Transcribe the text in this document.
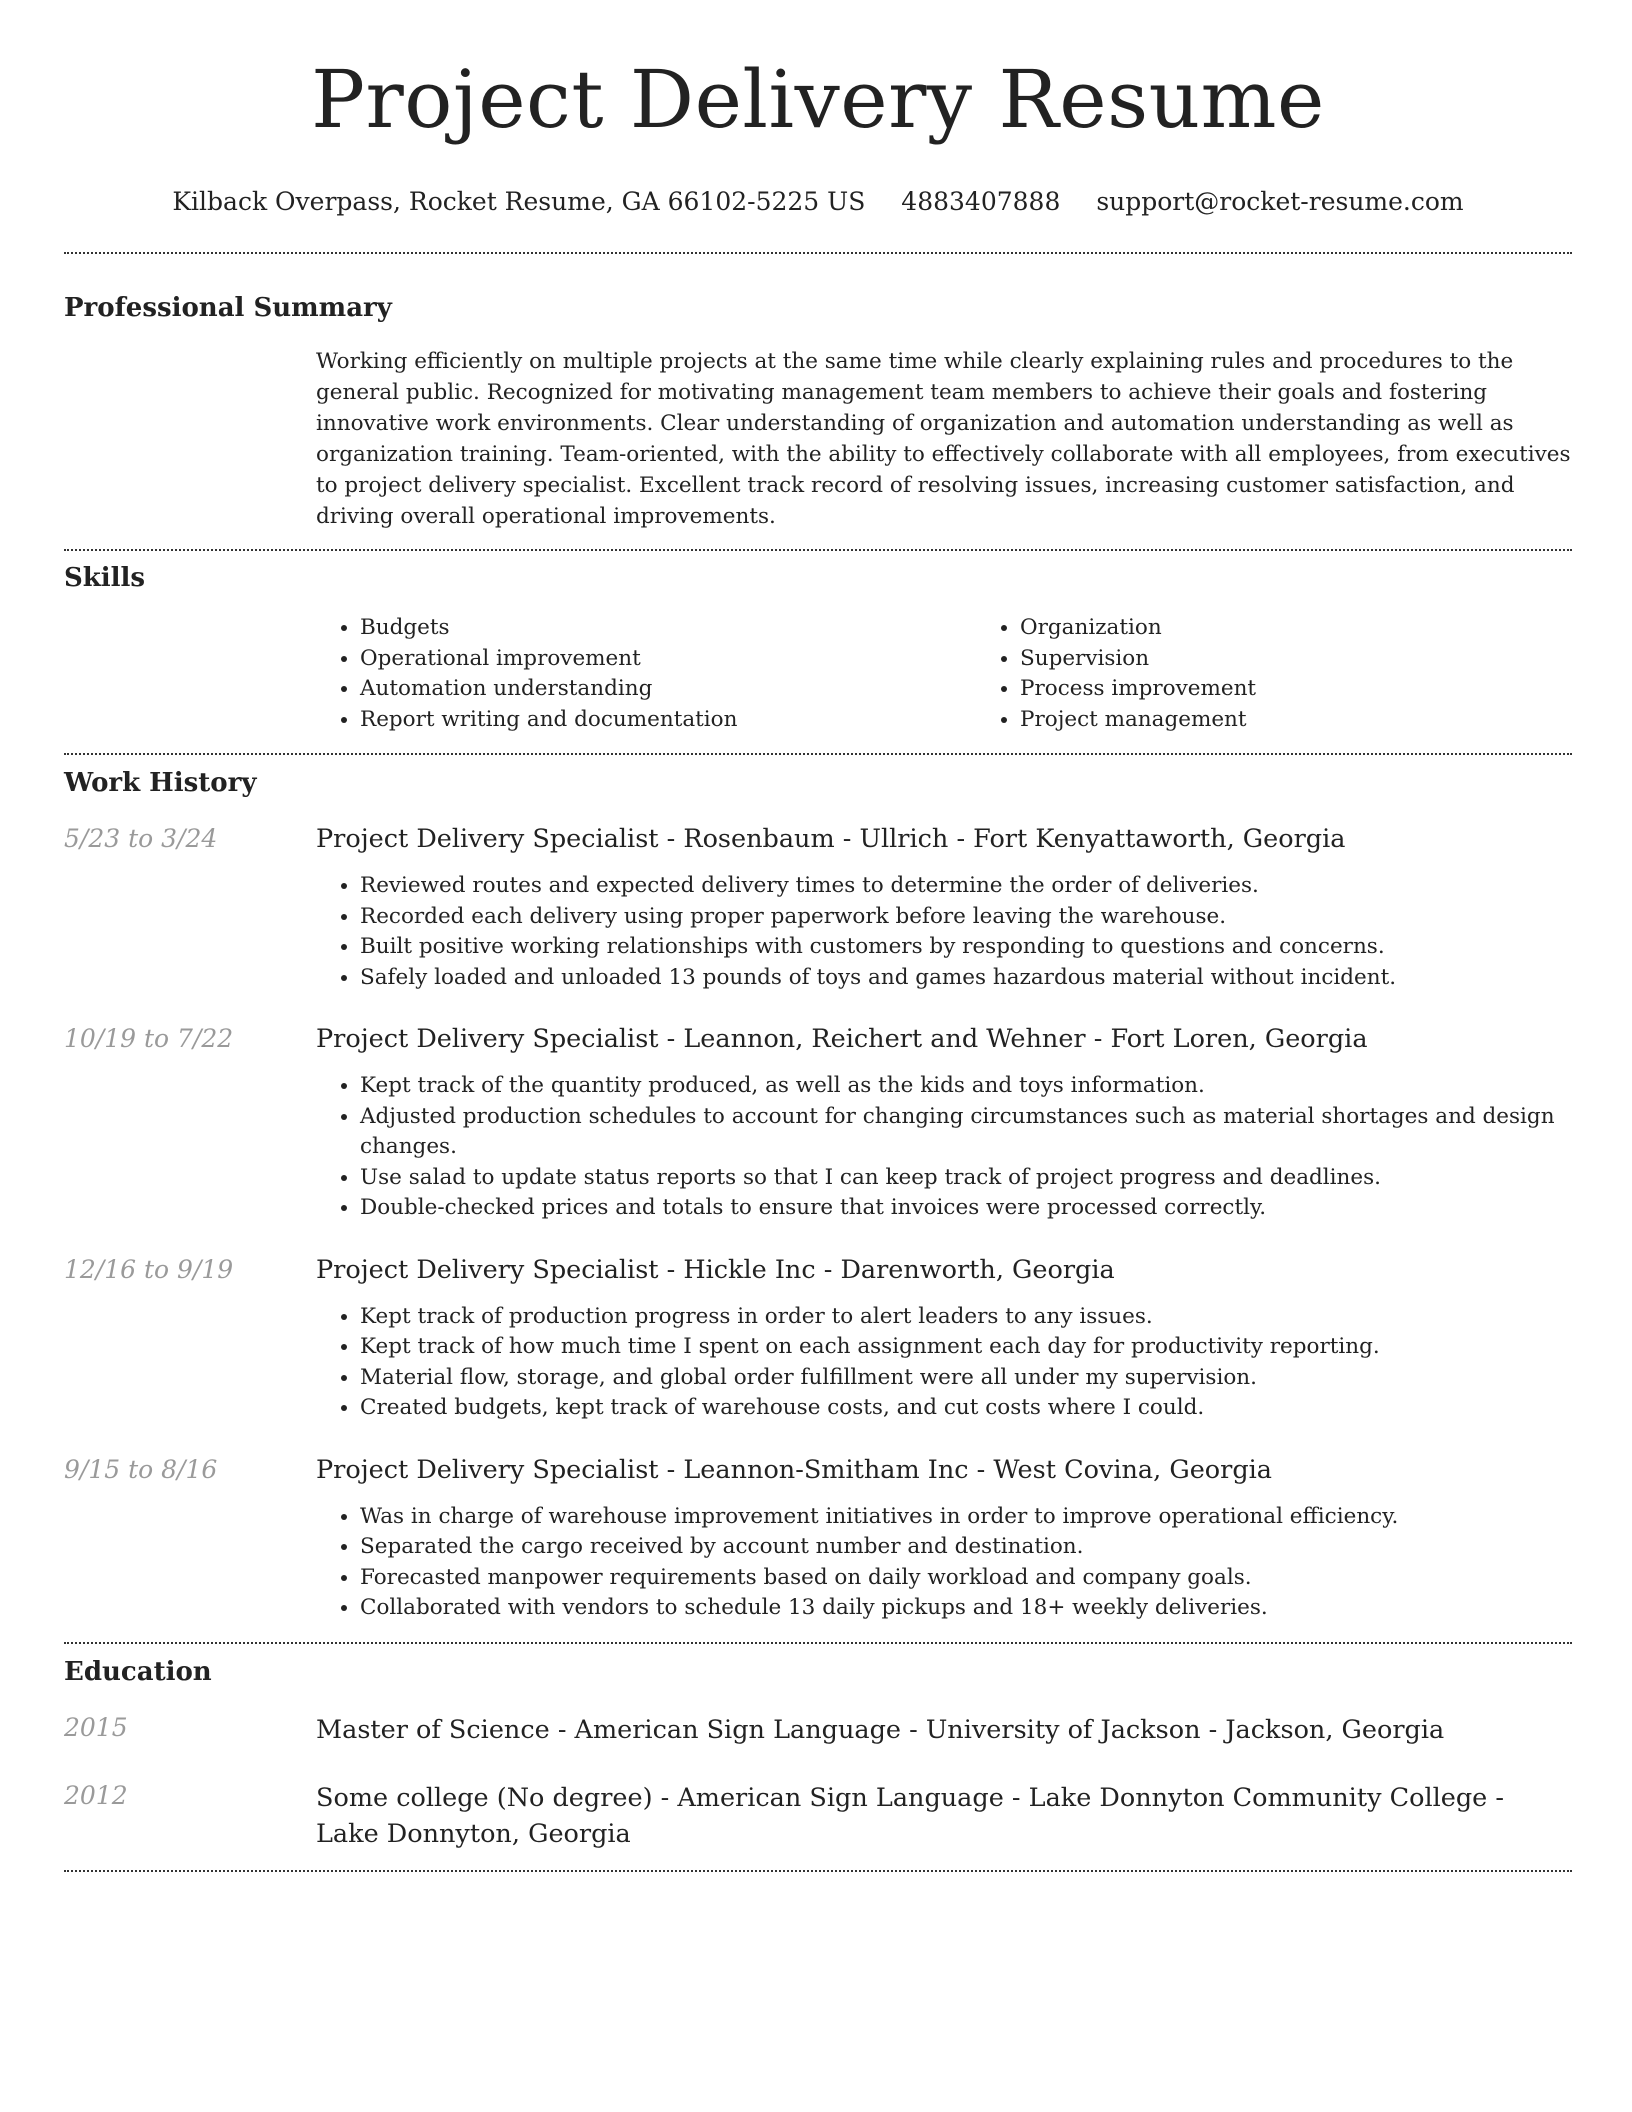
Project Delivery Resume
Kilback Overpass, Rocket Resume, GA 66102-5225 US 4883407888 support@rocket-resume.com
Professional Summary

Working efficiently on multiple projects at the same time while clearly explaining rules and procedures to the general public. Recognized for motivating management team members to achieve their goals and fostering innovative work environments. Clear understanding of organization and automation understanding as well as organization training. Team-oriented, with the ability to effectively collaborate with all employees, from executives to project delivery specialist. Excellent track record of resolving issues, increasing customer satisfaction, and driving overall operational improvements.

Skills
• Budgets
• Operational improvement
• Automation understanding
• Report writing and documentation
• Organization
• Supervision
• Process improvement
• Project management
Work History
5/23 to 3/24	Project Delivery Specialist - Rosenbaum - Ullrich - Fort Kenyattaworth, Georgia
• Reviewed routes and expected delivery times to determine the order of deliveries.
• Recorded each delivery using proper paperwork before leaving the warehouse.
• Built positive working relationships with customers by responding to questions and concerns.
• Safely loaded and unloaded 13 pounds of toys and games hazardous material without incident.
10/19 to 7/22	Project Delivery Specialist - Leannon, Reichert and Wehner - Fort Loren, Georgia
• Kept track of the quantity produced, as well as the kids and toys information.
• Adjusted production schedules to account for changing circumstances such as material shortages and design changes.
• Use salad to update status reports so that I can keep track of project progress and deadlines.
• Double-checked prices and totals to ensure that invoices were processed correctly.
12/16 to 9/19	Project Delivery Specialist - Hickle Inc - Darenworth, Georgia
• Kept track of production progress in order to alert leaders to any issues.
• Kept track of how much time I spent on each assignment each day for productivity reporting.
• Material flow, storage, and global order fulfillment were all under my supervision.
• Created budgets, kept track of warehouse costs, and cut costs where I could.
9/15 to 8/16	Project Delivery Specialist - Leannon-Smitham Inc - West Covina, Georgia
• Was in charge of warehouse improvement initiatives in order to improve operational efficiency.
• Separated the cargo received by account number and destination.
• Forecasted manpower requirements based on daily workload and company goals.
• Collaborated with vendors to schedule 13 daily pickups and 18+ weekly deliveries.
Education
2015	Master of Science - American Sign Language - University of Jackson - Jackson, Georgia
2012	Some college (No degree) - American Sign Language - Lake Donnyton Community College - Lake Donnyton, Georgia
